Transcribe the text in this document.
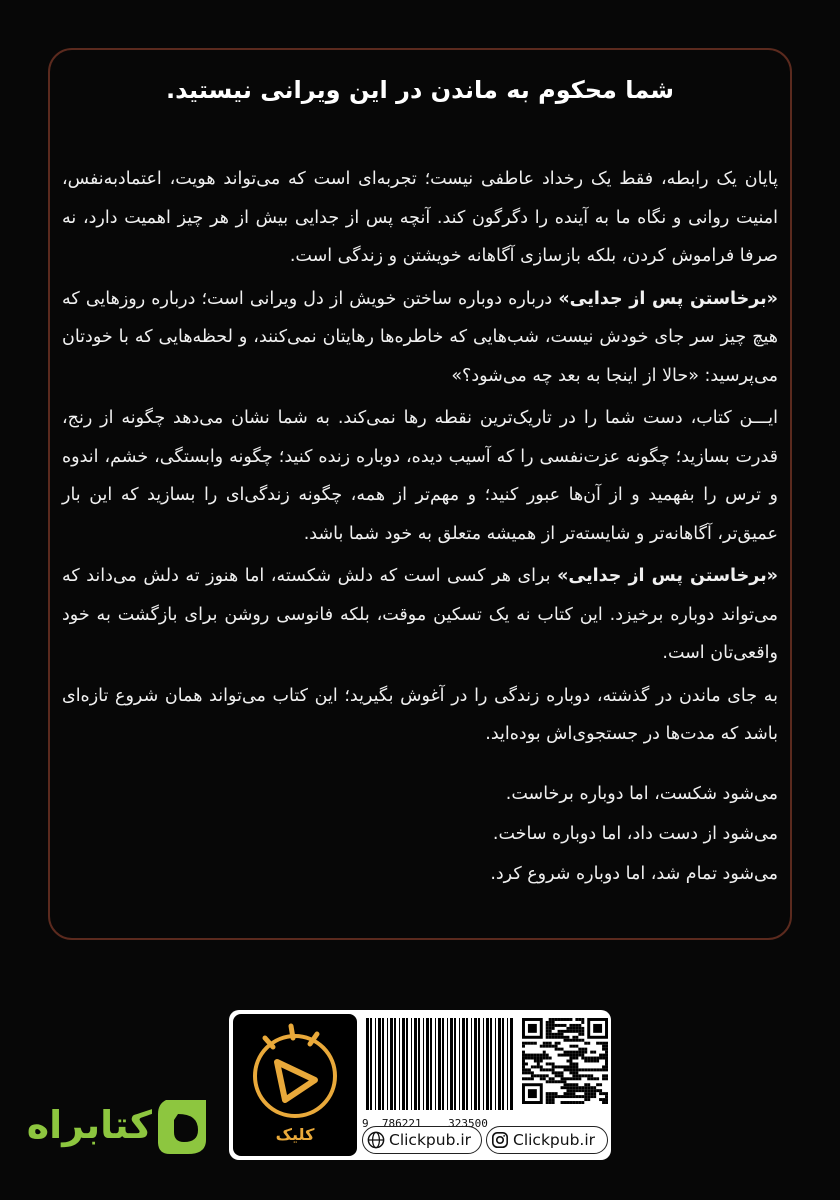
شما محکوم به ماندن در این ویرانی نیستید.

پایان یک رابطه، فقط یک رخداد عاطفی نیست؛ تجربه‌ای است که می‌تواند هویت، اعتمادبه‌نفس، امنیت روانی و نگاه ما به آینده را دگرگون کند. آنچه پس از جدایی بیش از هر چیز اهمیت دارد، نه صرفا فراموش کردن، بلکه بازسازی آگاهانه خویشتن و زندگی است.

«برخاستن پس از جدایی» درباره دوباره ساختن خویش از دل ویرانی است؛ درباره روزهایی که هیچ چیز سر جای خودش نیست، شب‌هایی که خاطره‌ها رهایتان نمی‌کنند، و لحظه‌هایی که با خودتان می‌پرسید: «حالا از اینجا به بعد چه می‌شود؟»

ایـــن کتاب، دست شما را در تاریک‌ترین نقطه رها نمی‌کند. به شما نشان می‌دهد چگونه از رنج، قدرت بسازید؛ چگونه عزت‌نفسی را که آسیب دیده، دوباره زنده کنید؛ چگونه وابستگی، خشم، اندوه و ترس را بفهمید و از آن‌ها عبور کنید؛ و مهم‌تر از همه، چگونه زندگی‌ای را بسازید که این بار عمیق‌تر، آگاهانه‌تر و شایسته‌تر از همیشه متعلق به خود شما باشد.

«برخاستن پس از جدایی» برای هر کسی است که دلش شکسته، اما هنوز ته دلش می‌داند که می‌تواند دوباره برخیزد. این کتاب نه یک تسکین موقت، بلکه فانوسی روشن برای بازگشت به خود واقعی‌تان است.

به جای ماندن در گذشته، دوباره زندگی را در آغوش بگیرید؛ این کتاب می‌تواند همان شروع تازه‌ای باشد که مدت‌ها در جستجوی‌اش بوده‌اید.

می‌شود شکست، اما دوباره برخاست.
می‌شود از دست داد، اما دوباره ساخت.
می‌شود تمام شد، اما دوباره شروع کرد.
کلیک
9  786221    323500
Clickpub.ir	Clickpub.ir
کتابراه
